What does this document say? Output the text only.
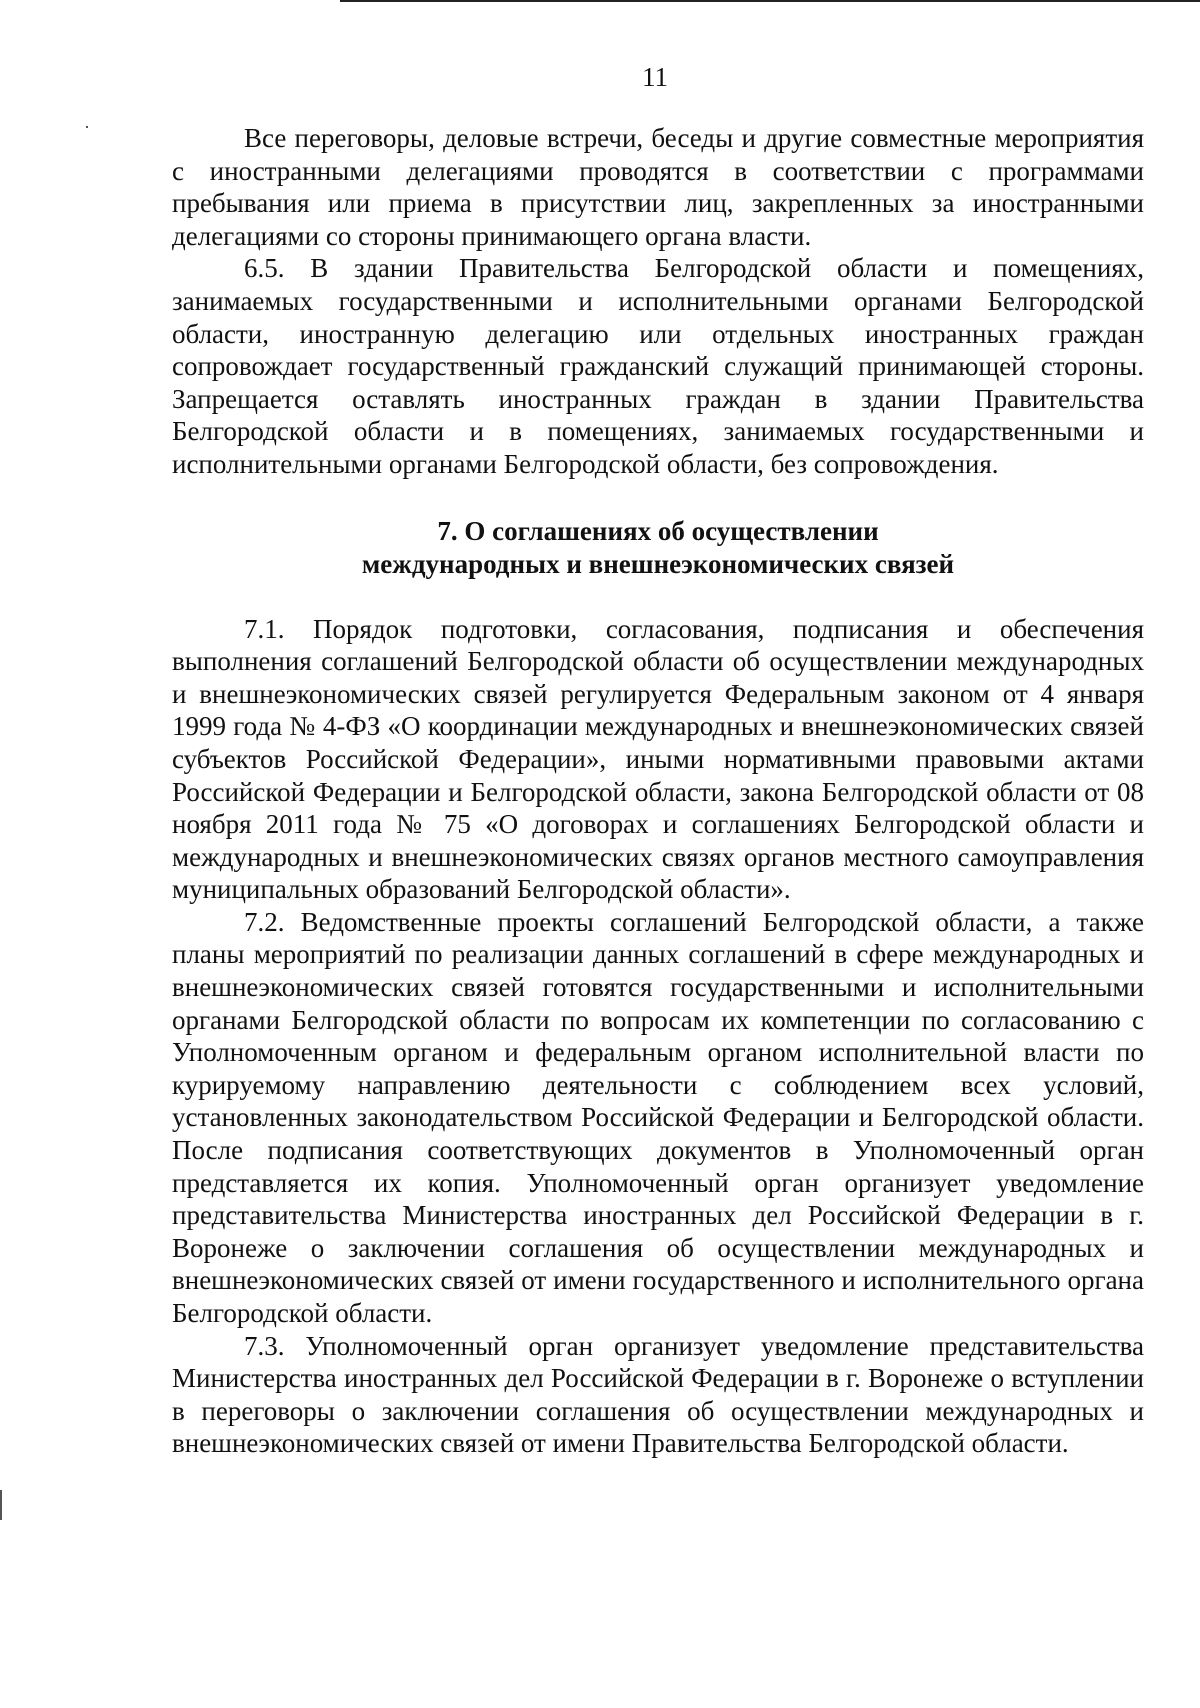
11

Все переговоры, деловые встречи, беседы и другие совместные мероприятия с иностранными делегациями проводятся в соответствии с программами пребывания или приема в присутствии лиц, закрепленных за иностранными делегациями со стороны принимающего органа власти.

6.5. В здании Правительства Белгородской области и помещениях, занимаемых государственными и исполнительными органами Белгородской области, иностранную делегацию или отдельных иностранных граждан сопровождает государственный гражданский служащий принимающей стороны. Запрещается оставлять иностранных граждан в здании Правительства Белгородской области и в помещениях, занимаемых государственными и исполнительными органами Белгородской области, без сопровождения.

7. О соглашениях об осуществлении

международных и внешнеэкономических связей

7.1. Порядок подготовки, согласования, подписания и обеспечения выполнения соглашений Белгородской области об осуществлении международных и внешнеэкономических связей регулируется Федеральным законом от 4 января 1999 года № 4-ФЗ «О координации международных и внешнеэкономических связей субъектов Российской Федерации», иными нормативными правовыми актами Российской Федерации и Белгородской области, закона Белгородской области от 08 ноября 2011 года № 75 «О договорах и соглашениях Белгородской области и международных и внешнеэкономических связях органов местного самоуправления муниципальных образований Белгородской области».

7.2. Ведомственные проекты соглашений Белгородской области, а также планы мероприятий по реализации данных соглашений в сфере международных и внешнеэкономических связей готовятся государственными и исполнительными органами Белгородской области по вопросам их компетенции по согласованию с Уполномоченным органом и федеральным органом исполнительной власти по курируемому направлению деятельности с соблюдением всех условий, установленных законодательством Российской Федерации и Белгородской области. После подписания соответствующих документов в Уполномоченный орган представляется их копия. Уполномоченный орган организует уведомление представительства Министерства иностранных дел Российской Федерации в г. Воронеже о заключении соглашения об осуществлении международных и внешнеэкономических связей от имени государственного и исполнительного органа Белгородской области.

7.3. Уполномоченный орган организует уведомление представительства Министерства иностранных дел Российской Федерации в г. Воронеже о вступлении в переговоры о заключении соглашения об осуществлении международных и внешнеэкономических связей от имени Правительства Белгородской области.
